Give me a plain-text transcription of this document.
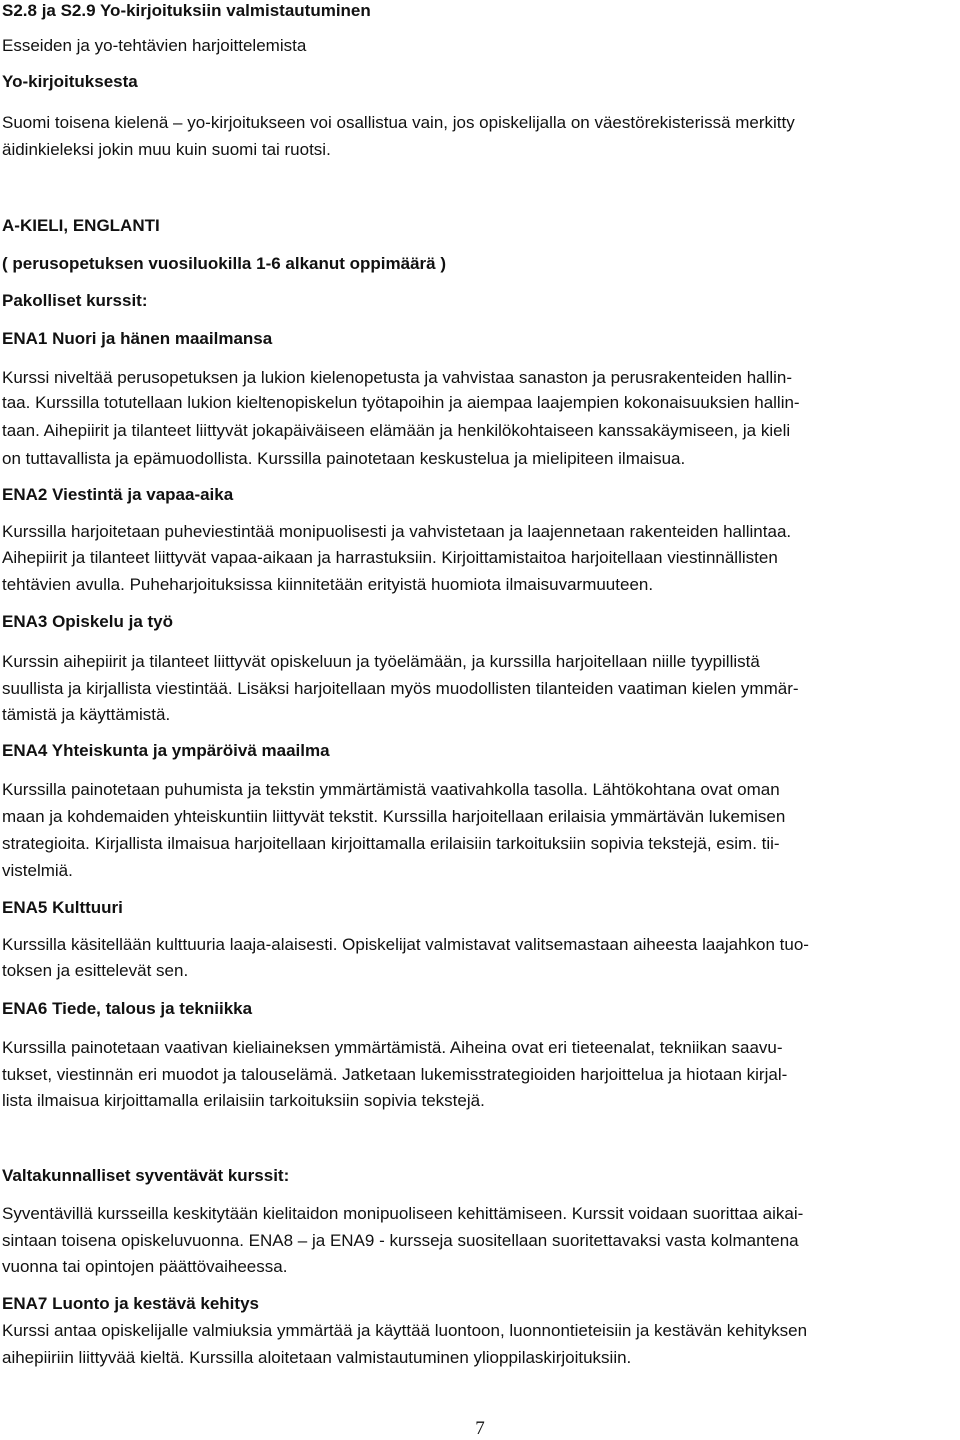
S2.8 ja S2.9 Yo-kirjoituksiin valmistautuminen
Esseiden ja yo-tehtävien harjoittelemista
Yo-kirjoituksesta
Suomi toisena kielenä – yo-kirjoitukseen voi osallistua vain, jos opiskelijalla on väestörekisterissä merkitty
äidinkieleksi jokin muu kuin suomi tai ruotsi.
A-KIELI, ENGLANTI
( perusopetuksen vuosiluokilla 1-6 alkanut oppimäärä )
Pakolliset kurssit:
ENA1 Nuori ja hänen maailmansa
Kurssi niveltää perusopetuksen ja lukion kielenopetusta ja vahvistaa sanaston ja perusrakenteiden hallin-
taa. Kurssilla totutellaan lukion kieltenopiskelun työtapoihin ja aiempaa laajempien kokonaisuuksien hallin-
taan. Aihepiirit ja tilanteet liittyvät jokapäiväiseen elämään ja henkilökohtaiseen kanssakäymiseen, ja kieli
on tuttavallista ja epämuodollista. Kurssilla painotetaan keskustelua ja mielipiteen ilmaisua.
ENA2 Viestintä ja vapaa-aika
Kurssilla harjoitetaan puheviestintää monipuolisesti ja vahvistetaan ja laajennetaan rakenteiden hallintaa.
Aihepiirit ja tilanteet liittyvät vapaa-aikaan ja harrastuksiin. Kirjoittamistaitoa harjoitellaan viestinnällisten
tehtävien avulla. Puheharjoituksissa kiinnitetään erityistä huomiota ilmaisuvarmuuteen.
ENA3 Opiskelu ja työ
Kurssin aihepiirit ja tilanteet liittyvät opiskeluun ja työelämään, ja kurssilla harjoitellaan niille tyypillistä
suullista ja kirjallista viestintää. Lisäksi harjoitellaan myös muodollisten tilanteiden vaatiman kielen ymmär-
tämistä ja käyttämistä.
ENA4 Yhteiskunta ja ympäröivä maailma
Kurssilla painotetaan puhumista ja tekstin ymmärtämistä vaativahkolla tasolla. Lähtökohtana ovat oman
maan ja kohdemaiden yhteiskuntiin liittyvät tekstit. Kurssilla harjoitellaan erilaisia ymmärtävän lukemisen
strategioita. Kirjallista ilmaisua harjoitellaan kirjoittamalla erilaisiin tarkoituksiin sopivia tekstejä, esim. tii-
vistelmiä.
ENA5 Kulttuuri
Kurssilla käsitellään kulttuuria laaja-alaisesti. Opiskelijat valmistavat valitsemastaan aiheesta laajahkon tuo-
toksen ja esittelevät sen.
ENA6 Tiede, talous ja tekniikka
Kurssilla painotetaan vaativan kieliaineksen ymmärtämistä. Aiheina ovat eri tieteenalat, tekniikan saavu-
tukset, viestinnän eri muodot ja talouselämä. Jatketaan lukemisstrategioiden harjoittelua ja hiotaan kirjal-
lista ilmaisua kirjoittamalla erilaisiin tarkoituksiin sopivia tekstejä.
Valtakunnalliset syventävät kurssit:
Syventävillä kursseilla keskitytään kielitaidon monipuoliseen kehittämiseen. Kurssit voidaan suorittaa aikai-
sintaan toisena opiskeluvuonna. ENA8 – ja ENA9 - kursseja suositellaan suoritettavaksi vasta kolmantena
vuonna tai opintojen päättövaiheessa.
ENA7 Luonto ja kestävä kehitys
Kurssi antaa opiskelijalle valmiuksia ymmärtää ja käyttää luontoon, luonnontieteisiin ja kestävän kehityksen
aihepiiriin liittyvää kieltä. Kurssilla aloitetaan valmistautuminen ylioppilaskirjoituksiin.
7
